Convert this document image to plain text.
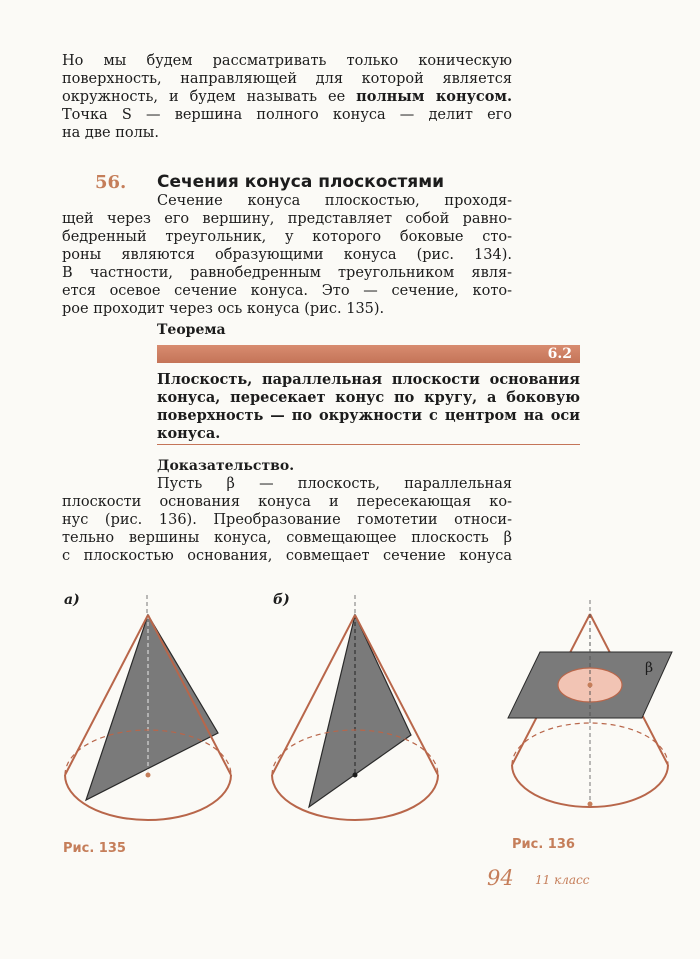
Но мы будем рассматривать только коническую
поверхность, направляющей для которой является
окружность, и будем называть ее полным конусом.
Точка S — вершина полного конуса — делит его
на две полы.
56. Сечения конуса плоскостями
Сечение конуса плоскостью, проходя-
щей через его вершину, представляет собой равно-
бедренный треугольник, у которого боковые сто-
роны являются образующими конуса (рис. 134).
В частности, равнобедренным треугольником явля-
ется осевое сечение конуса. Это — сечение, кото-
рое проходит через ось конуса (рис. 135).
Теорема
6.2
Плоскость, параллельная плоскости основания
конуса, пересекает конус по кругу, а боковую
поверхность — по окружности с центром на оси
конуса.
Доказательство.
Пусть β — плоскость, параллельная
плоскости основания конуса и пересекающая ко-
нус (рис. 136). Преобразование гомотетии относи-
тельно вершины конуса, совмещающее плоскость β
с плоскостью основания, совмещает сечение конуса
а)	б)
β
Рис. 135	Рис. 136
94 11 класс
